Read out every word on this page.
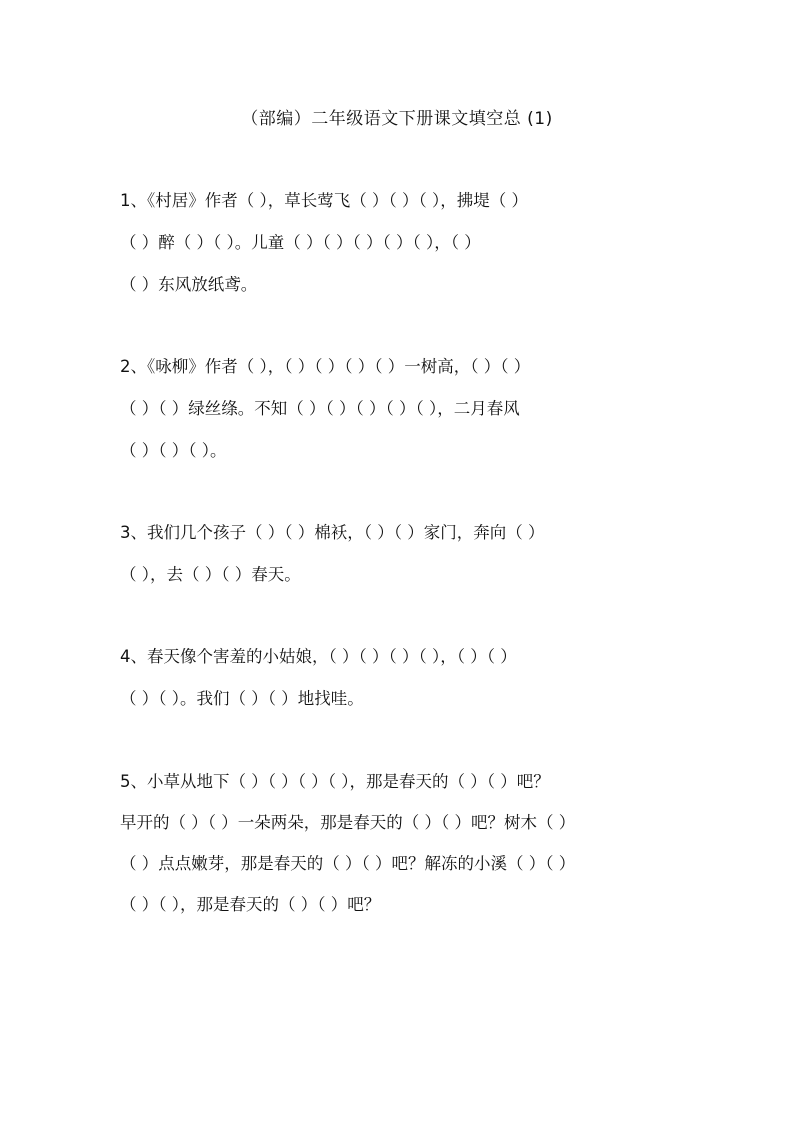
（部编）二年级语文下册课文填空总 (1)
1、《村居》作者（ ），草长莺飞（ ）（ ）（ ），拂堤（ ）
（ ）醉（ ）（ ）。儿童（ ）（ ）（ ）（ ）（ ），（ ）
（ ）东风放纸鸢。
2、《咏柳》作者（ ），（ ）（ ）（ ）（ ）一树高，（ ）（ ）
（ ）（ ）绿丝绦。不知（ ）（ ）（ ）（ ）（ ），二月春风
（ ）（ ）（ ）。
3、我们几个孩子（ ）（ ）棉袄，（ ）（ ）家门，奔向（ ）
（ ），去（ ）（ ）春天。
4、春天像个害羞的小姑娘，（ ）（ ）（ ）（ ），（ ）（ ）
（ ）（ ）。我们（ ）（ ）地找哇。
5、小草从地下（ ）（ ）（ ）（ ），那是春天的（ ）（ ）吧？
早开的（ ）（ ）一朵两朵，那是春天的（ ）（ ）吧？树木（ ）
（ ）点点嫩芽，那是春天的（ ）（ ）吧？解冻的小溪（ ）（ ）
（ ）（ ），那是春天的（ ）（ ）吧？
